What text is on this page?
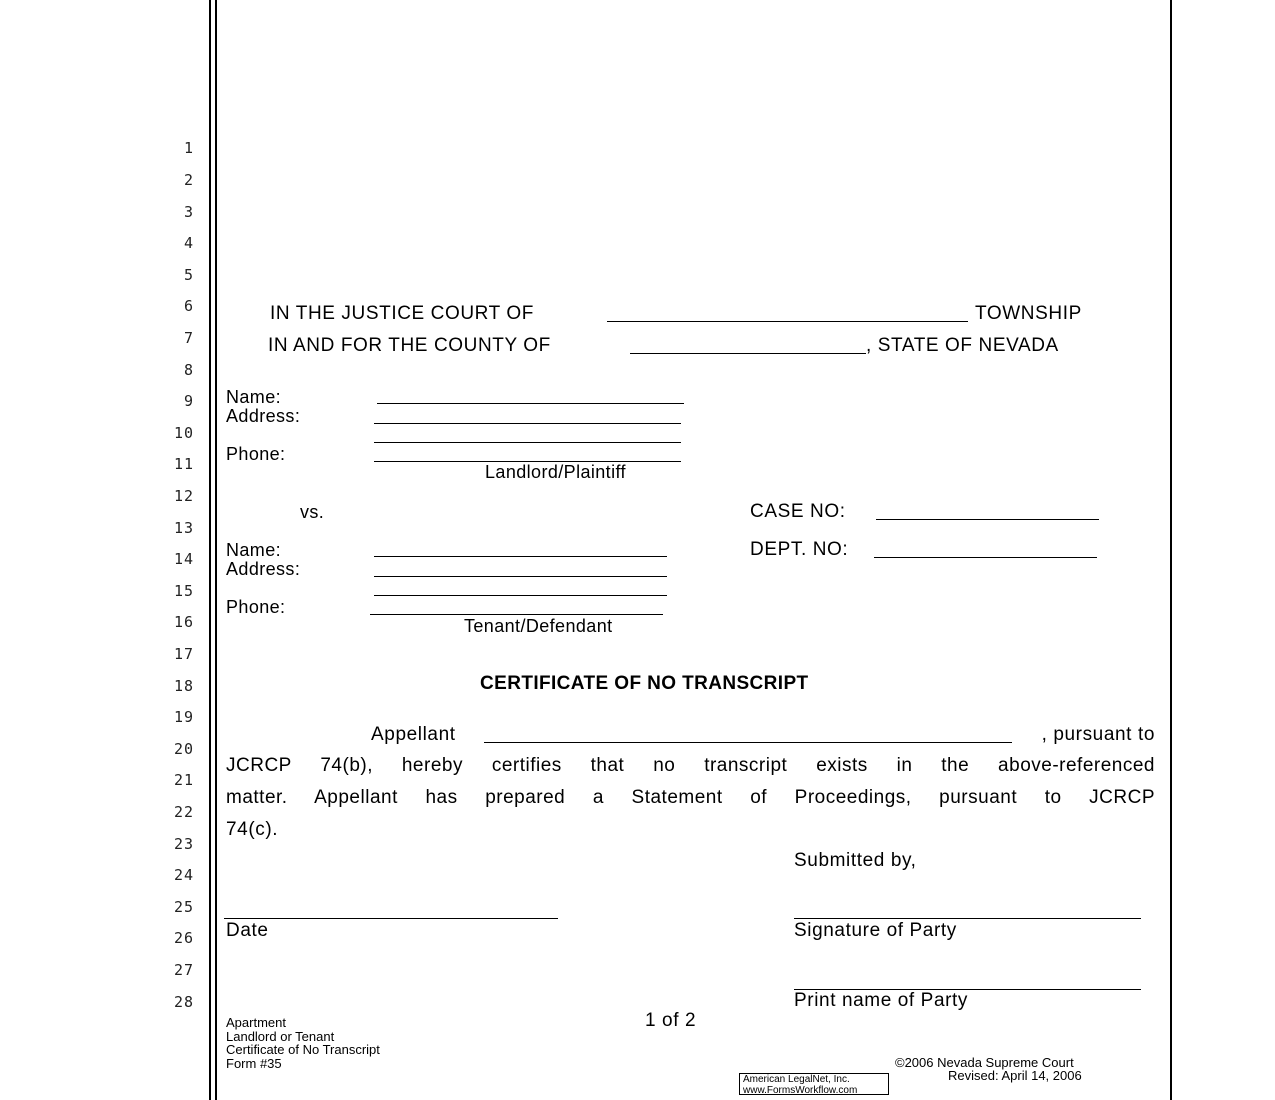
1
2
3
4
5
6
7
8
9
10
11
12
13
14
15
16
17
18
19
20
21
22
23
24
25
26
27
28
IN THE JUSTICE COURT OF	TOWNSHIP
IN AND FOR THE COUNTY OF	, STATE OF NEVADA
Name:
Address:
Phone:
Landlord/Plaintiff
vs.	CASE NO:
DEPT. NO:
Name:
Address:
Phone:
Tenant/Defendant
CERTIFICATE OF NO TRANSCRIPT
Appellant	, pursuant to
JCRCP 74(b), hereby certifies that no transcript exists in the above-referenced
matter. Appellant has prepared a Statement of Proceedings, pursuant to JCRCP
74(c).
Submitted by,
Date	Signature of Party
Print name of Party
1 of 2
Apartment
Landlord or Tenant
Certificate of No Transcript
Form #35	©2006 Nevada Supreme Court
Revised: April 14, 2006
American LegalNet, Inc.
www.FormsWorkflow.com
